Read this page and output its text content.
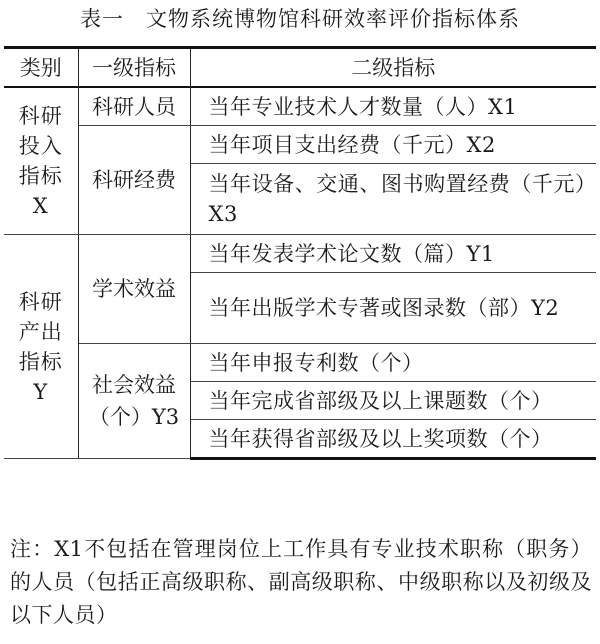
表一　文物系统博物馆科研效率评价指标体系
类别	一级指标	二级指标
科研投入指标X	科研人员	当年专业技术人才数量（人）X1
	科研经费	当年项目支出经费（千元）X2
		当年设备、交通、图书购置经费（千元）X3
科研产出指标Y	学术效益	当年发表学术论文数（篇）Y1
		当年出版学术专著或图录数（部）Y2
	社会效益（个）Y3	当年申报专利数（个）
		当年完成省部级及以上课题数（个）
		当年获得省部级及以上奖项数（个）
注：X1不包括在管理岗位上工作具有专业技术职称（职务）的人员（包括正高级职称、副高级职称、中级职称以及初级及以下人员）
